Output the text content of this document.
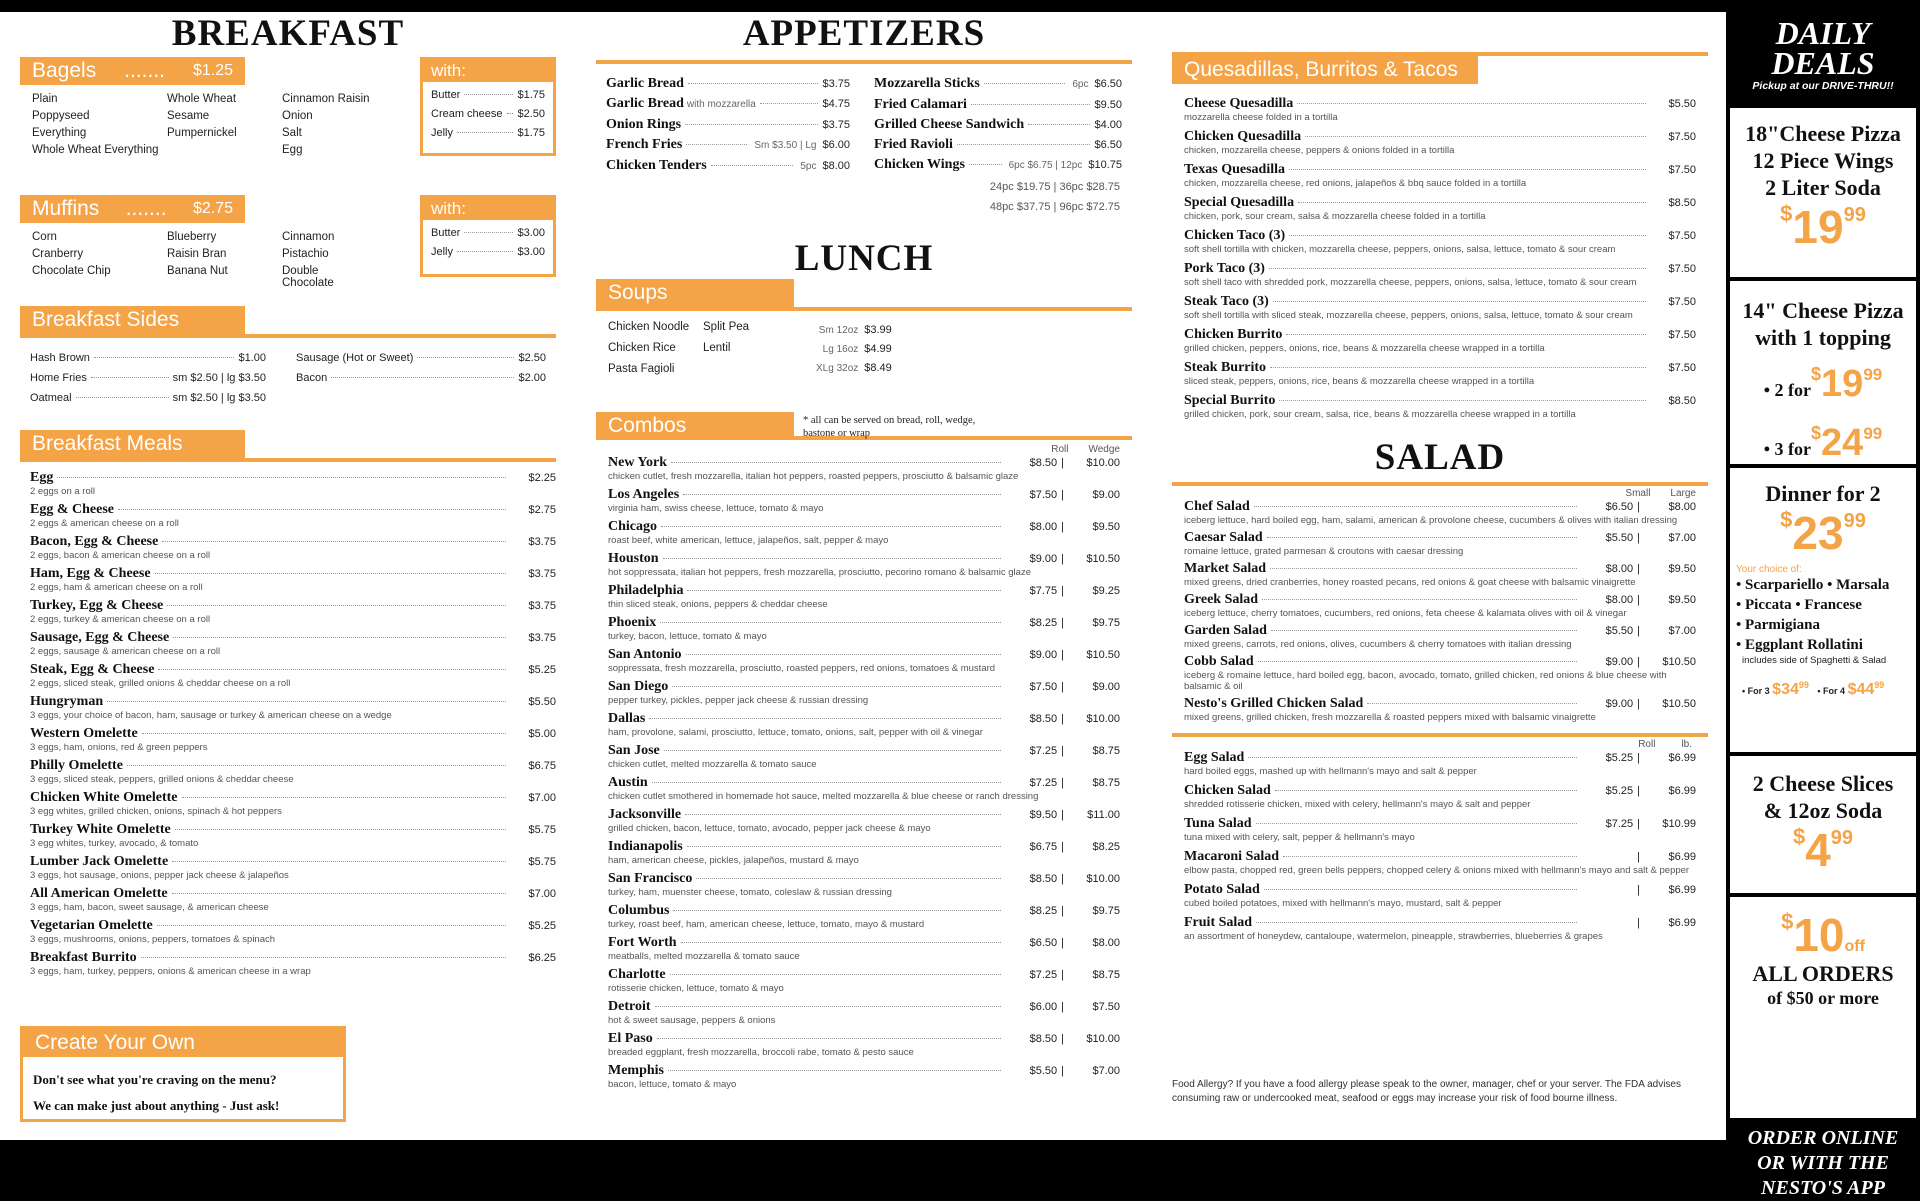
BREAKFAST
Bagels ....... $1.25
Plain	Whole Wheat	Cinnamon Raisin
Poppyseed	Sesame	Onion
Everything	Pumpernickel	Salt
Whole Wheat Everything	Egg
with:
Butter	$1.75
Cream cheese $2.50
Jelly	$1.75
Muffins ....... $2.75
Corn	Blueberry	Cinnamon
Cranberry	Raisin Bran	Pistachio
Chocolate Chip	Banana Nut	Double Chocolate
with:
Butter	$3.00
Jelly	$3.00
Breakfast Sides
Hash Brown	$1.00
Home Fries	sm $2.50 | lg $3.50
Oatmeal	sm $2.50 | lg $3.50
Sausage (Hot or Sweet)	$2.50
Bacon	$2.00
Breakfast Meals
Egg	$2.25
2 eggs on a roll
Egg & Cheese	$2.75
2 eggs & american cheese on a roll
Bacon, Egg & Cheese	$3.75
2 eggs, bacon & american cheese on a roll
Ham, Egg & Cheese	$3.75
2 eggs, ham & american cheese on a roll
Turkey, Egg & Cheese	$3.75
2 eggs, turkey & american cheese on a roll
Sausage, Egg & Cheese	$3.75
2 eggs, sausage & american cheese on a roll
Steak, Egg & Cheese	$5.25
2 eggs, sliced steak, grilled onions & cheddar cheese on a roll
Hungryman	$5.50
3 eggs, your choice of bacon, ham, sausage or turkey & american cheese on a wedge
Western Omelette	$5.00
3 eggs, ham, onions, red & green peppers
Philly Omelette	$6.75
3 eggs, sliced steak, peppers, grilled onions & cheddar cheese
Chicken White Omelette	$7.00
3 egg whites, grilled chicken, onions, spinach & hot peppers
Turkey White Omelette	$5.75
3 egg whites, turkey, avocado, & tomato
Lumber Jack Omelette	$5.75
3 eggs, hot sausage, onions, pepper jack cheese & jalapeños
All American Omelette	$7.00
3 eggs, ham, bacon, sweet sausage, & american cheese
Vegetarian Omelette	$5.25
3 eggs, mushrooms, onions, peppers, tomatoes & spinach
Breakfast Burrito	$6.25
3 eggs, ham, turkey, peppers, onions & american cheese in a wrap
Create Your Own
Don't see what you're craving on the menu?
We can make just about anything - Just ask!
APPETIZERS
Garlic Bread	$3.75
Garlic Bread with mozzarella	$4.75
Onion Rings	$3.75
French Fries	Sm $3.50 | Lg $6.00
Chicken Tenders	5pc $8.00
Mozzarella Sticks	6pc $6.50
Fried Calamari	$9.50
Grilled Cheese Sandwich	$4.00
Fried Ravioli	$6.50
Chicken Wings	6pc $6.75 | 12pc $10.75
24pc $19.75 | 36pc $28.75
48pc $37.75 | 96pc $72.75
LUNCH
Soups
Chicken Noodle	Split Pea
Chicken Rice	Lentil
Pasta Fagioli
Sm 12oz $3.99
Lg 16oz $4.99
XLg 32oz $8.49
Combos	* all can be served on bread, roll, wedge, bastone or wrap
Roll Wedge
New York	$8.50 |	$10.00
chicken cutlet, fresh mozzarella, italian hot peppers, roasted peppers, prosciutto & balsamic glaze
Los Angeles	$7.50 |	$9.00
virginia ham, swiss cheese, lettuce, tomato & mayo
Chicago	$8.00 |	$9.50
roast beef, white american, lettuce, jalapeños, salt, pepper & mayo
Houston	$9.00 |	$10.50
hot soppressata, italian hot peppers, fresh mozzarella, prosciutto, pecorino romano & balsamic glaze
Philadelphia	$7.75 |	$9.25
thin sliced steak, onions, peppers & cheddar cheese
Phoenix	$8.25 |	$9.75
turkey, bacon, lettuce, tomato & mayo
San Antonio	$9.00 |	$10.50
soppressata, fresh mozzarella, prosciutto, roasted peppers, red onions, tomatoes & mustard
San Diego	$7.50 |	$9.00
pepper turkey, pickles, pepper jack cheese & russian dressing
Dallas	$8.50 |	$10.00
ham, provolone, salami, prosciutto, lettuce, tomato, onions, salt, pepper with oil & vinegar
San Jose	$7.25 |	$8.75
chicken cutlet, melted mozzarella & tomato sauce
Austin	$7.25 |	$8.75
chicken cutlet smothered in homemade hot sauce, melted mozzarella & blue cheese or ranch dressing
Jacksonville	$9.50 |	$11.00
grilled chicken, bacon, lettuce, tomato, avocado, pepper jack cheese & mayo
Indianapolis	$6.75 |	$8.25
ham, american cheese, pickles, jalapeños, mustard & mayo
San Francisco	$8.50 |	$10.00
turkey, ham, muenster cheese, tomato, coleslaw & russian dressing
Columbus	$8.25 |	$9.75
turkey, roast beef, ham, american cheese, lettuce, tomato, mayo & mustard
Fort Worth	$6.50 |	$8.00
meatballs, melted mozzarella & tomato sauce
Charlotte	$7.25 |	$8.75
rotisserie chicken, lettuce, tomato & mayo
Detroit	$6.00 |	$7.50
hot & sweet sausage, peppers & onions
El Paso	$8.50 |	$10.00
breaded eggplant, fresh mozzarella, broccoli rabe, tomato & pesto sauce
Memphis	$5.50 |	$7.00
bacon, lettuce, tomato & mayo
Quesadillas, Burritos & Tacos
Cheese Quesadilla	$5.50
mozzarella cheese folded in a tortilla
Chicken Quesadilla	$7.50
chicken, mozzarella cheese, peppers & onions folded in a tortilla
Texas Quesadilla	$7.50
chicken, mozzarella cheese, red onions, jalapeños & bbq sauce folded in a tortilla
Special Quesadilla	$8.50
chicken, pork, sour cream, salsa & mozzarella cheese folded in a tortilla
Chicken Taco (3)	$7.50
soft shell tortilla with chicken, mozzarella cheese, peppers, onions, salsa, lettuce, tomato & sour cream
Pork Taco (3)	$7.50
soft shell taco with shredded pork, mozzarella cheese, peppers, onions, salsa, lettuce, tomato & sour cream
Steak Taco (3)	$7.50
soft shell tortilla with sliced steak, mozzarella cheese, peppers, onions, salsa, lettuce, tomato & sour cream
Chicken Burrito	$7.50
grilled chicken, peppers, onions, rice, beans & mozzarella cheese wrapped in a tortilla
Steak Burrito	$7.50
sliced steak, peppers, onions, rice, beans & mozzarella cheese wrapped in a tortilla
Special Burrito	$8.50
grilled chicken, pork, sour cream, salsa, rice, beans & mozzarella cheese wrapped in a tortilla
SALAD
Small Large
Chef Salad	$6.50 |	$8.00
iceberg lettuce, hard boiled egg, ham, salami, american & provolone cheese, cucumbers & olives with italian dressing
Caesar Salad	$5.50 |	$7.00
romaine lettuce, grated parmesan & croutons with caesar dressing
Market Salad	$8.00 |	$9.50
mixed greens, dried cranberries, honey roasted pecans, red onions & goat cheese with balsamic vinaigrette
Greek Salad	$8.00 |	$9.50
iceberg lettuce, cherry tomatoes, cucumbers, red onions, feta cheese & kalamata olives with oil & vinegar
Garden Salad	$5.50 |	$7.00
mixed greens, carrots, red onions, olives, cucumbers & cherry tomatoes with italian dressing
Cobb Salad	$9.00 |	$10.50
iceberg & romaine lettuce, hard boiled egg, bacon, avocado, tomato, grilled chicken, red onions & blue cheese with balsamic & oil
Nesto's Grilled Chicken Salad	$9.00 |	$10.50
mixed greens, grilled chicken, fresh mozzarella & roasted peppers mixed with balsamic vinaigrette
Roll	lb.
Egg Salad	$5.25 |	$6.99
hard boiled eggs, mashed up with hellmann's mayo and salt & pepper
Chicken Salad	$5.25 |	$6.99
shredded rotisserie chicken, mixed with celery, hellmann's mayo & salt and pepper
Tuna Salad	$7.25 |	$10.99
tuna mixed with celery, salt, pepper & hellmann's mayo
Macaroni Salad	|	$6.99
elbow pasta, chopped red, green bells peppers, chopped celery & onions mixed with hellmann's mayo and salt & pepper
Potato Salad	|	$6.99
cubed boiled potatoes, mixed with hellmann's mayo, mustard, salt & pepper
Fruit Salad	|	$6.99
an assortment of honeydew, cantaloupe, watermelon, pineapple, strawberries, blueberries & grapes
Food Allergy? If you have a food allergy please speak to the owner, manager, chef or your server. The FDA advises consuming raw or undercooked meat, seafood or eggs may increase your risk of food bourne illness.
DAILY
DEALS
Pickup at our DRIVE-THRU!!
18"Cheese Pizza
12 Piece Wings
2 Liter Soda
$1999
14" Cheese Pizza
with 1 topping
• 2 $for^{\$}19^{99}$
• 3 $for^{\$}24^{99}$
Dinner for 2
$2399
Your choice of:
• Scarpariello • Marsala
• Piccata • Francese
• Parmigiana
• Eggplant Rollatini
includes side of Spaghetti & Salad
• For 3 $3499 • For 4 $4499
2 Cheese Slices
& 12oz Soda
$499
$10off
ALL ORDERS
of $50 or more
ORDER ONLINE
OR WITH THE
NESTO'S APP
